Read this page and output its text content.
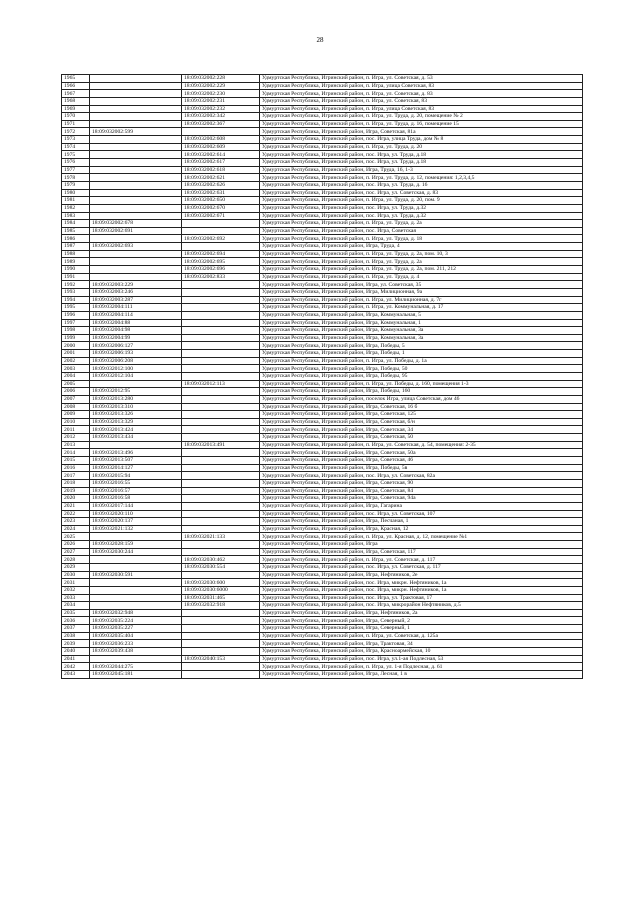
28
1965		18:09:032002:228	Удмуртская Республика, Игринский район, п. Игра, ул. Советская, д. 53
1966		18:09:032002:229	Удмуртская Республика, Игринский район, п. Игра, улица Советская, 83
1967		18:09:032002:230	Удмуртская Республика, Игринский район, п. Игра, ул. Советская, д. 83
1968		18:09:032002:231	Удмуртская Республика, Игринский район, п. Игра, ул. Советская, 83
1969		18:09:032002:232	Удмуртская Республика, Игринский район, п. Игра, улица Советская, 83
1970		18:09:032002:342	Удмуртская Республика, Игринский район, п. Игра, ул. Труда, д. 20, помещение № 2
1971		18:09:032002:367	Удмуртская Республика, Игринский район, п. Игра, ул. Труда, д. 16, помещение 15
1972	18:09:032002:599		Удмуртская Республика, Игринский район, Игра, Советская, 81а
1973		18:09:032002:608	Удмуртская Республика, Игринский район, пос. Игра, улица Труда, дом № 8
1974		18:09:032002:609	Удмуртская Республика, Игринский район, п. Игра, ул. Труда, д. 20
1975		18:09:032002:614	Удмуртская Республика, Игринский район, пос. Игра, ул. Труда, д.18
1976		18:09:032002:617	Удмуртская Республика, Игринский район, пос. Игра, ул. Труда, д.18
1977		18:09:032002:618	Удмуртская Республика, Игринский район, Игра, Труда, 16, 1-3
1978		18:09:032002:621	Удмуртская Республика, Игринский район, п. Игра, ул. Труда, д. 12, помещения: 1,2,3,4,5
1979		18:09:032002:626	Удмуртская Республика, Игринский район, пос. Игра, ул. Труда, д. 16
1980		18:09:032002:631	Удмуртская Республика, Игринский район, пос. Игра, ул. Советская, д. 83
1981		18:09:032002:650	Удмуртская Республика, Игринский район, п. Игра, ул. Труда, д. 20, пом. 9
1982		18:09:032002:670	Удмуртская Республика, Игринский район, пос. Игра, ул. Труда, д.32
1983		18:09:032002:671	Удмуртская Республика, Игринский район, пос. Игра, ул. Труда, д.32
1984	18:09:032002:678		Удмуртская Республика, Игринский район, п. Игра, ул. Труда, д. 2а
1985	18:09:032002:691		Удмуртская Республика, Игринский район, пос. Игра, Советская
1986		18:09:032002:692	Удмуртская Республика, Игринский район, п. Игра, ул. Труда, д. 18
1987	18:09:032002:693		Удмуртская Республика, Игринский район, Игра, Труда, 4
1988		18:09:032002:694	Удмуртская Республика, Игринский район, п. Игра, ул. Труда, д. 2а, пом. 10, 3
1989		18:09:032002:695	Удмуртская Республика, Игринский район, п. Игра, ул. Труда, д. 2а
1990		18:09:032002:696	Удмуртская Республика, Игринский район, п. Игра, ул. Труда, д. 2а, пом. 211, 212
1991		18:09:032002:833	Удмуртская Республика, Игринский район, п. Игра, ул. Труда, д. 4
1992	18:09:032003:229		Удмуртская Республика, Игринский район, Игра, ул. Советская, 35
1993	18:09:032003:246		Удмуртская Республика, Игринский район, Игра, Милиционная, 9а
1994	18:09:032003:287		Удмуртская Республика, Игринский район, п. Игра, ул. Милиционная, д. 7г
1995	18:09:032004:111		Удмуртская Республика, Игринский район, п. Игра, ул. Коммунальная, д. 17
1996	18:09:032004:114		Удмуртская Республика, Игринский район, Игра, Коммунальная, 5
1997	18:09:032004:88		Удмуртская Республика, Игринский район, Игра, Коммунальная, 1
1998	18:09:032004:98		Удмуртская Республика, Игринский район, Игра, Коммунальная, 3а
1999	18:09:032004:99		Удмуртская Республика, Игринский район, Игра, Коммунальная, 3а
2000	18:09:032006:127		Удмуртская Республика, Игринский район, Игра, Победы, 5
2001	18:09:032006:193		Удмуртская Республика, Игринский район, Игра, Победы, 1
2002	18:09:032006:208		Удмуртская Республика, Игринский район, п. Игра, ул. Победы, д. 1а
2003	18:09:032012:100		Удмуртская Республика, Игринский район, Игра, Победы, 50
2004	18:09:032012:104		Удмуртская Республика, Игринский район, Игра, Победы, 95
2005		18:09:032012:113	Удмуртская Республика, Игринский район, п. Игра, ул. Победы, д. 160, помещения 1-3
2006	18:09:032012:95		Удмуртская Республика, Игринский район, Игра, Победы, 160
2007	18:09:032013:280		Удмуртская Республика, Игринский район, поселок Игра, улица Советская, дом 46
2008	18:09:032013:310		Удмуртская Республика, Игринский район, Игра, Советская, 16 б
2009	18:09:032013:326		Удмуртская Республика, Игринский район, Игра, Советская, 125
2010	18:09:032013:329		Удмуртская Республика, Игринский район, Игра, Советская, б/н
2011	18:09:032013:424		Удмуртская Республика, Игринский район, Игра, Советская, 34
2012	18:09:032013:434		Удмуртская Республика, Игринский район, Игра, Советская, 50
2013		18:09:032013:491	Удмуртская Республика, Игринский район, п. Игра, ул. Советская, д. 54, помещения: 2-35
2014	18:09:032013:496		Удмуртская Республика, Игринский район, Игра, Советская, 50а
2015	18:09:032013:507		Удмуртская Республика, Игринский район, Игра, Советская, 46
2016	18:09:032014:127		Удмуртская Республика, Игринский район, Игра, Победы, 5в
2017	18:09:032015:94		Удмуртская Республика, Игринский район, пос. Игра, ул. Советская, 82а
2018	18:09:032016:55		Удмуртская Республика, Игринский район, Игра, Советская, 90
2019	18:09:032016:57		Удмуртская Республика, Игринский район, Игра, Советская, 84
2020	18:09:032016:58		Удмуртская Республика, Игринский район, Игра, Советская, 94а
2021	18:09:032017:144		Удмуртская Республика, Игринский район, Игра, Гагарина
2022	18:09:032020:110		Удмуртская Республика, Игринский район, пос. Игра, ул. Советская, 107
2023	18:09:032020:137		Удмуртская Республика, Игринский район, Игра, Песчаная, 1
2024	18:09:032021:132		Удмуртская Республика, Игринский район, Игра, Красная, 12
2025		18:09:032021:133	Удмуртская Республика, Игринский район, п. Игра, ул. Красная, д. 12, помещение №1
2026	18:09:032028:159		Удмуртская Республика, Игринский район, Игра
2027	18:09:032030:244		Удмуртская Республика, Игринский район, Игра, Советская, 117
2028		18:09:032030:462	Удмуртская Республика, Игринский район, п. Игра, ул. Советская, д. 117
2029		18:09:032030:554	Удмуртская Республика, Игринский район, пос. Игра, ул. Советская, д. 117
2030	18:09:032030:591		Удмуртская Республика, Игринский район, Игра, Нефтяников, 2е
2031		18:09:032030:600	Удмуртская Республика, Игринский район, пос. Игра, микрн. Нефтяников, 1а
2032		18:09:032030:6000	Удмуртская Республика, Игринский район, пос. Игра, микрн. Нефтяников, 1а
2033		18:09:032031:465	Удмуртская Республика, Игринский район, пос. Игра, ул. Трактовая, 17
2034		18:09:032032:918	Удмуртская Республика, Игринский район, пос. Игра, микрорайон Нефтяников, д.5
2035	18:09:032032:948		Удмуртская Республика, Игринский район, Игра, Нефтяников, 2а
2036	18:09:032035:224		Удмуртская Республика, Игринский район, Игра, Северный, 2
2037	18:09:032035:227		Удмуртская Республика, Игринский район, Игра, Северный, 1
2038	18:09:032035:404		Удмуртская Республика, Игринский район, п. Игра, ул. Советская, д. 125а
2039	18:09:032036:233		Удмуртская Республика, Игринский район, Игра, Трактовая, 34
2040	18:09:032039:438		Удмуртская Республика, Игринский район, Игра, Красноармейская, 10
2041		18:09:032040:153	Удмуртская Республика, Игринский район, пос. Игра, ул.1-ая Подлесная, 53
2042	18:09:032044:275		Удмуртская Республика, Игринский район, п. Игра, ул. 1-я Подлесная, д. 61
2043	18:09:032045:181		Удмуртская Республика, Игринский район, Игра, Лесная, 1 в
